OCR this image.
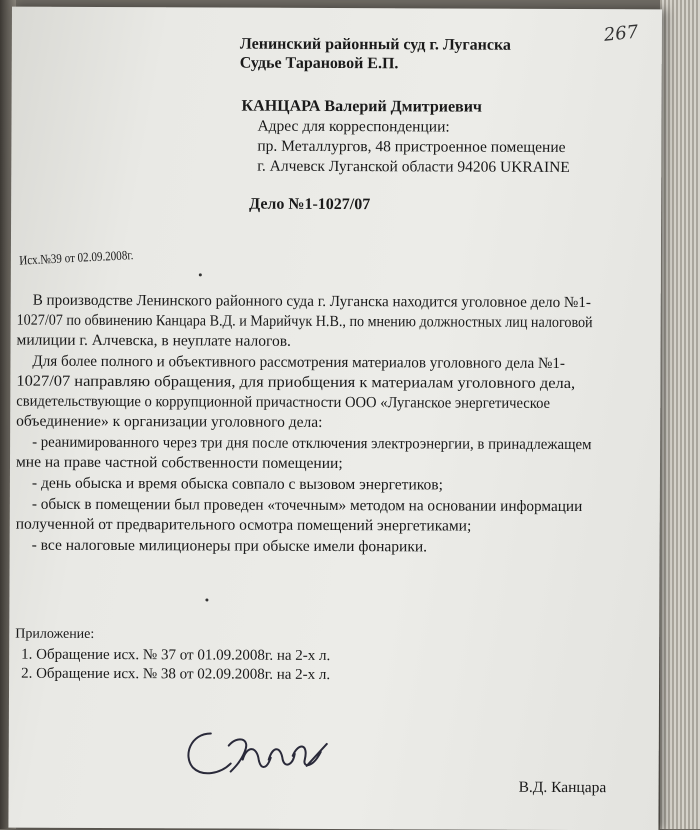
267
Ленинский районный суд г. Луганска
Судье Тарановой Е.П.
КАНЦАРА Валерий Дмитриевич
Адрес для корреспонденции:
пр. Металлургов, 48 пристроенное помещение
г. Алчевск Луганской области 94206 UKRAINE
Дело №1-1027/07
Исх.№39 от 02.09.2008г.
В производстве Ленинского районного суда г. Луганска находится уголовное дело №1-
1027/07 по обвинению Канцара В.Д. и Марийчук Н.В., по мнению должностных лиц налоговой
милиции г. Алчевска, в неуплате налогов.
Для более полного и объективного рассмотрения материалов уголовного дела №1-
1027/07 направляю обращения, для приобщения к материалам уголовного дела,
свидетельствующие о коррупционной причастности ООО «Луганское энергетическое
объединение» к организации уголовного дела:
- реанимированного через три дня после отключения электроэнергии, в принадлежащем
мне на праве частной собственности помещении;
- день обыска и время обыска совпало с вызовом энергетиков;
- обыск в помещении был проведен «точечным» методом на основании информации
полученной от предварительного осмотра помещений энергетиками;
- все налоговые милиционеры при обыске имели фонарики.
Приложение:
1. Обращение исх. № 37 от 01.09.2008г. на 2-х л.
2. Обращение исх. № 38 от 02.09.2008г. на 2-х л.
В.Д. Канцара
